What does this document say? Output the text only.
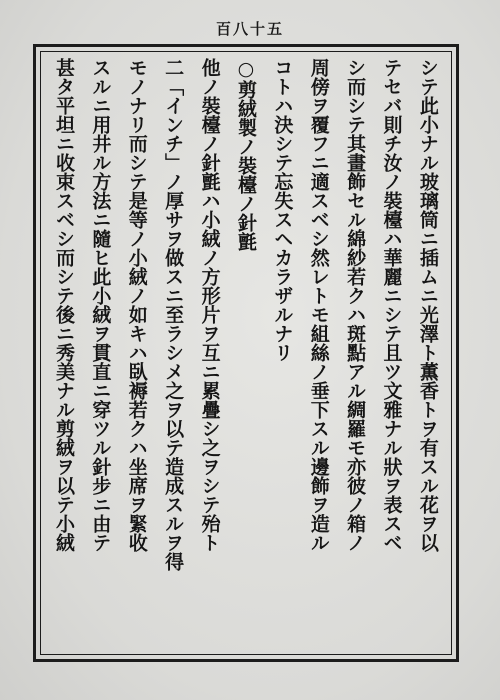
百八十五
シテ此小ナル玻璃筒ニ插ムニ光澤ト薫香トヲ有スル花ヲ以
テセバ則チ汝ノ裝檯ハ華麗ニシテ且ツ文雅ナル狀ヲ表スベ
シ而シテ其畫飾セル綿紗若クハ斑點アル綢羅モ亦彼ノ箱ノ
周傍ヲ覆フニ適スベシ然レトモ組絲ノ垂下スル邊飾ヲ造ル
コトハ決シテ忘失スヘカラザルナリ
○剪絨製ノ裝檯ノ針氈
他ノ裝檯ノ針氈ハ小絨ノ方形片ヲ互ニ累疊シ之ヲシテ殆ト
二「インチ」ノ厚サヲ做スニ至ラシメ之ヲ以テ造成スルヲ得
モノナリ而シテ是等ノ小絨ノ如キハ臥褥若クハ坐席ヲ緊收
スルニ用井ル方法ニ隨ヒ此小絨ヲ貫直ニ穿ツル針步ニ由テ
甚タ平坦ニ收束スベシ而シテ後ニ秀美ナル剪絨ヲ以テ小絨
